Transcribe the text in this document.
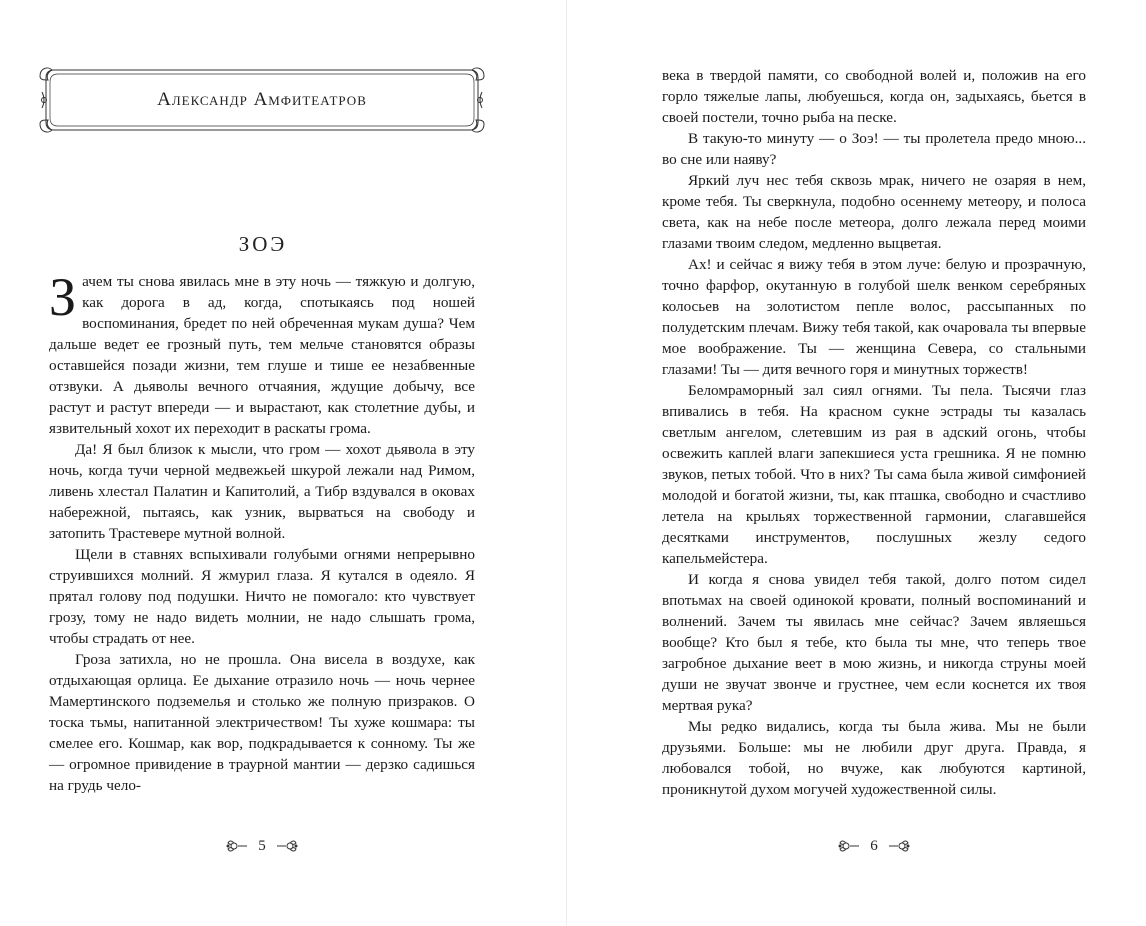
Александр Амфитеатров
ЗОЭ

Зачем ты снова явилась мне в эту ночь — тяжкую и долгую, как дорога в ад, когда, спотыкаясь под ношей воспоминания, бредет по ней обреченная мукам душа? Чем дальше ведет ее грозный путь, тем мельче становятся образы оставшейся позади жизни, тем глуше и тише ее незабвенные отзвуки. А дьяволы вечного отчаяния, ждущие добычу, все растут и растут впереди — и вырастают, как столетние дубы, и язвительный хохот их переходит в раскаты грома.

Да! Я был близок к мысли, что гром — хохот дьявола в эту ночь, когда тучи черной медвежьей шкурой лежали над Римом, ливень хлестал Палатин и Капитолий, а Тибр вздувался в оковах набережной, пытаясь, как узник, вырваться на свободу и затопить Трастевере мутной волной.

Щели в ставнях вспыхивали голубыми огнями непрерывно струившихся молний. Я жмурил глаза. Я кутался в одеяло. Я прятал голову под подушки. Ничто не помогало: кто чувствует грозу, тому не надо видеть молнии, не надо слышать грома, чтобы страдать от нее.

Гроза затихла, но не прошла. Она висела в воздухе, как отдыхающая орлица. Ее дыхание отразило ночь — ночь чернее Мамертинского подземелья и столько же полную призраков. О тоска тьмы, напитанной электричеством! Ты хуже кошмара: ты смелее его. Кошмар, как вор, подкрадывается к сонному. Ты же — огромное привидение в траурной мантии — дерзко садишься на грудь чело-

5

века в твердой памяти, со свободной волей и, положив на его горло тяжелые лапы, любуешься, когда он, задыхаясь, бьется в своей постели, точно рыба на песке.

В такую-то минуту — о Зоэ! — ты пролетела предо мною... во сне или наяву?

Яркий луч нес тебя сквозь мрак, ничего не озаряя в нем, кроме тебя. Ты сверкнула, подобно осеннему метеору, и полоса света, как на небе после метеора, долго лежала перед моими глазами твоим следом, медленно выцветая.

Ах! и сейчас я вижу тебя в этом луче: белую и прозрачную, точно фарфор, окутанную в голубой шелк венком серебряных колосьев на золотистом пепле волос, рассыпанных по полудетским плечам. Вижу тебя такой, как очаровала ты впервые мое воображение. Ты — женщина Севера, со стальными глазами! Ты — дитя вечного горя и минутных торжеств!

Беломраморный зал сиял огнями. Ты пела. Тысячи глаз впивались в тебя. На красном сукне эстрады ты казалась светлым ангелом, слетевшим из рая в адский огонь, чтобы освежить каплей влаги запекшиеся уста грешника. Я не помню звуков, петых тобой. Что в них? Ты сама была живой симфонией молодой и богатой жизни, ты, как пташка, свободно и счастливо летела на крыльях торжественной гармонии, слагавшейся десятками инструментов, послушных жезлу седого капельмейстера.

И когда я снова увидел тебя такой, долго потом сидел впотьмах на своей одинокой кровати, полный воспоминаний и волнений. Зачем ты явилась мне сейчас? Зачем являешься вообще? Кто был я тебе, кто была ты мне, что теперь твое загробное дыхание веет в мою жизнь, и никогда струны моей души не звучат звонче и грустнее, чем если коснется их твоя мертвая рука?

Мы редко видались, когда ты была жива. Мы не были друзьями. Больше: мы не любили друг друга. Правда, я любовался тобой, но вчуже, как любуются картиной, проникнутой духом могучей художественной силы.

6
